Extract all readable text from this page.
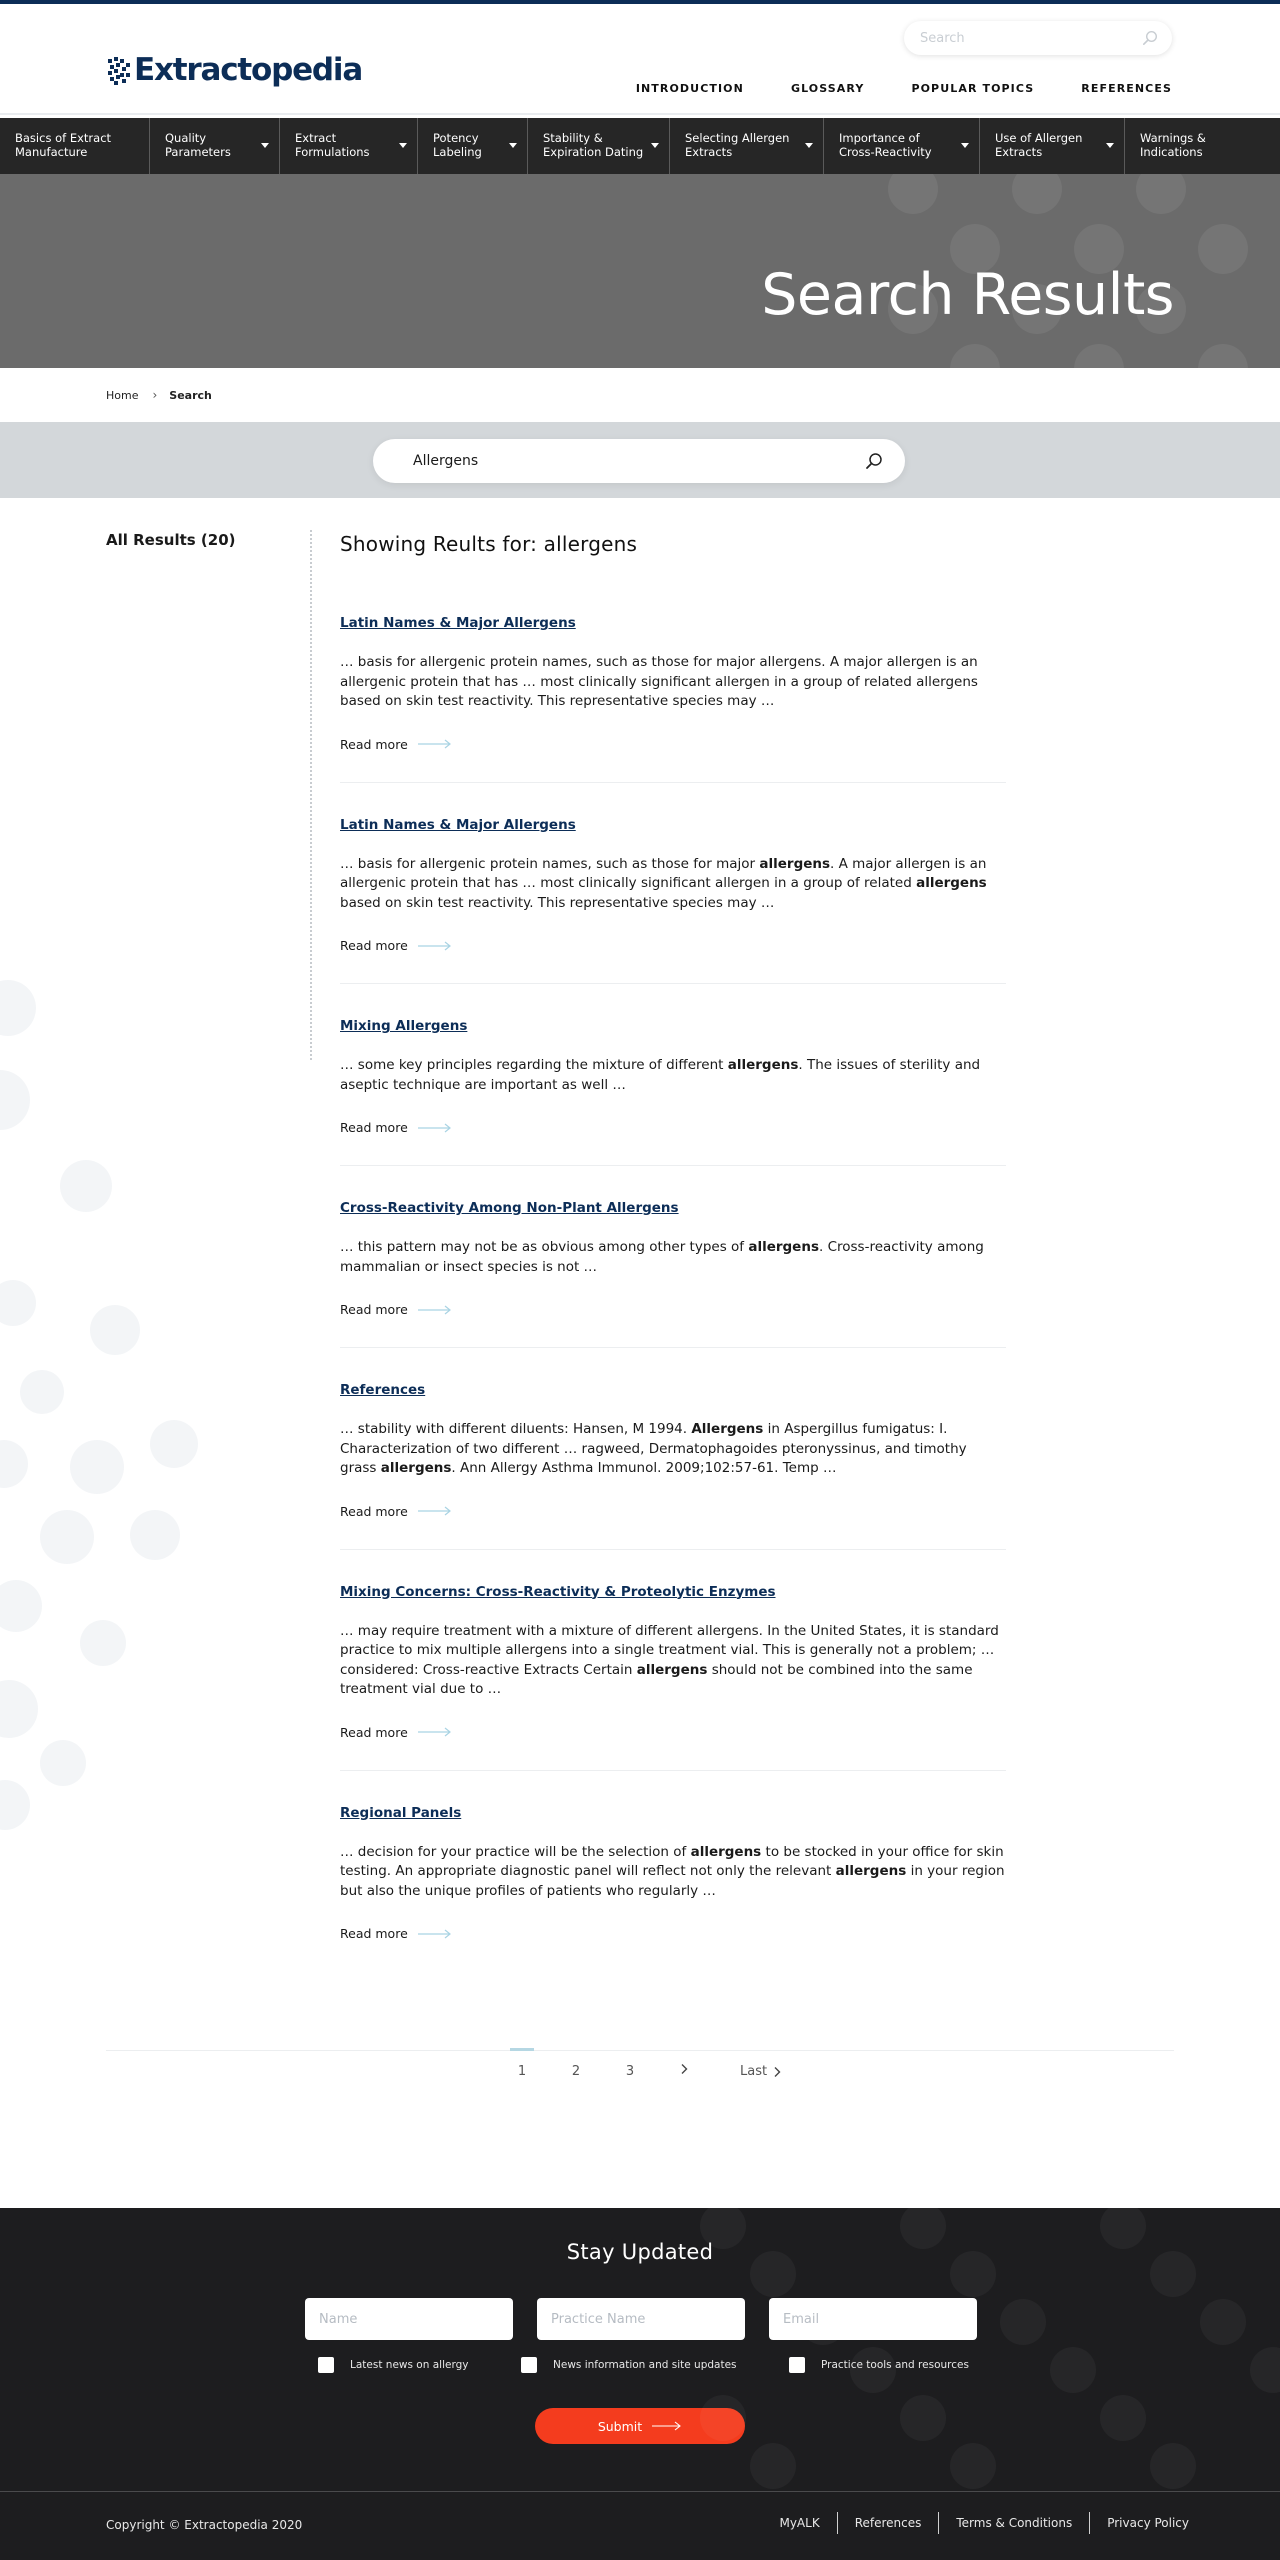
Extractopedia
Search
INTRODUCTION	GLOSSARY	POPULAR TOPICS	REFERENCES
Basics of Extract
Manufacture
Quality
Parameters
Extract
Formulations
Potency
Labeling
Stability &
Expiration Dating
Selecting Allergen
Extracts
Importance of
Cross-Reactivity
Use of Allergen
Extracts
Warnings &
Indications
Search Results
Home › Search
Allergens
All Results (20)	Showing Reults for: allergens
Latin Names & Major Allergens

… basis for allergenic protein names, such as those for major allergens. A major allergen is an allergenic protein that has … most clinically significant allergen in a group of related allergens based on skin test reactivity. This representative species may …

Read more
Latin Names & Major Allergens

… basis for allergenic protein names, such as those for major allergens. A major allergen is an allergenic protein that has … most clinically significant allergen in a group of related allergens based on skin test reactivity. This representative species may …

Read more
Mixing Allergens

… some key principles regarding the mixture of different allergens. The issues of sterility and aseptic technique are important as well …

Read more
Cross-Reactivity Among Non-Plant Allergens

… this pattern may not be as obvious among other types of allergens. Cross-reactivity among mammalian or insect species is not …

Read more
References

… stability with different diluents: Hansen, M 1994. Allergens in Aspergillus fumigatus: I. Characterization of two different … ragweed, Dermatophagoides pteronyssinus, and timothy grass allergens. Ann Allergy Asthma Immunol. 2009;102:57-61. Temp …

Read more
Mixing Concerns: Cross-Reactivity & Proteolytic Enzymes

… may require treatment with a mixture of different allergens. In the United States, it is standard practice to mix multiple allergens into a single treatment vial. This is generally not a problem; … considered: Cross-reactive Extracts Certain allergens should not be combined into the same treatment vial due to …

Read more
Regional Panels

… decision for your practice will be the selection of allergens to be stocked in your office for skin testing. An appropriate diagnostic panel will reflect not only the relevant allergens in your region but also the unique profiles of patients who regularly …

Read more
1	2	3	Last
Stay Updated
Name
Practice Name
Email
Latest news on allergy	News information and site updates	Practice tools and resources
Submit
Copyright © Extractopedia 2020	MyALK	References	Terms & Conditions	Privacy Policy
